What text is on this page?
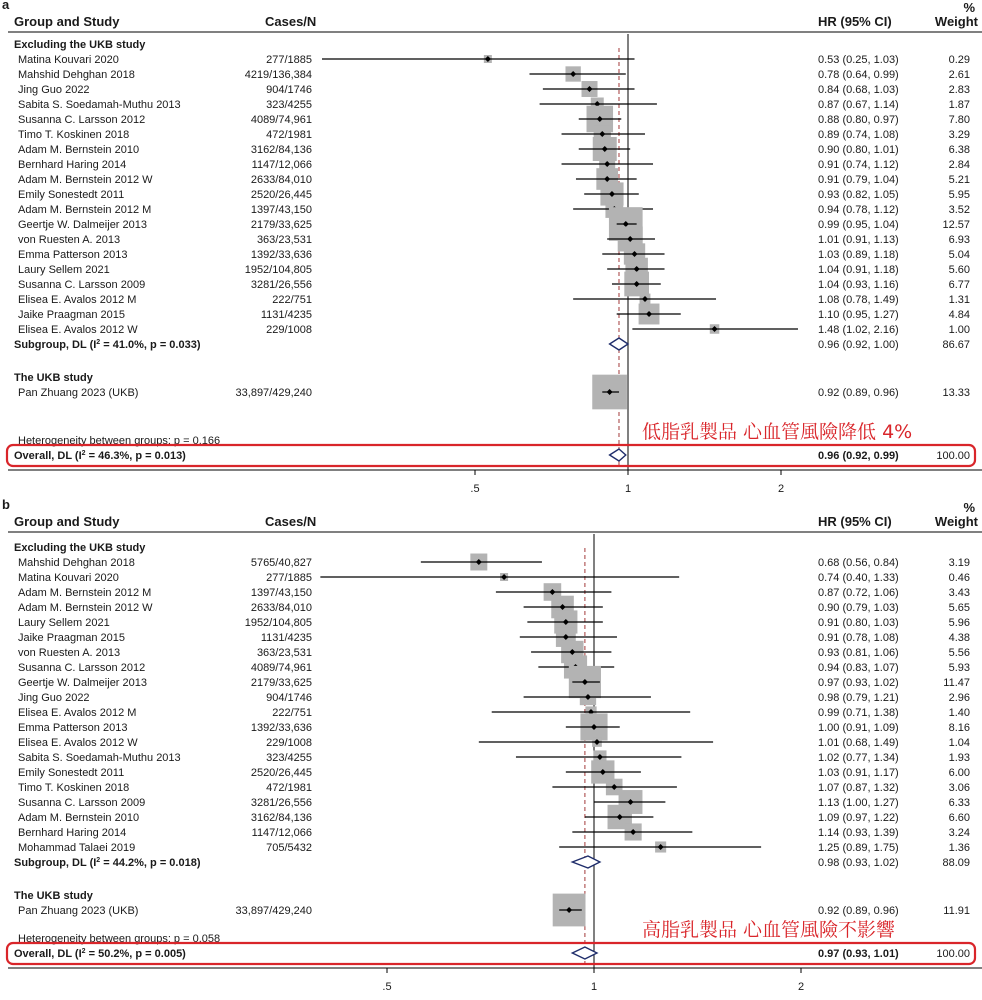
a
Group and Study	Cases/N	HR (95% CI)
%
Weight
.5	1	2
Excluding the UKB study
Matina Kouvari 2020	277/1885	0.53 (0.25, 1.03)	0.29
Mahshid Dehghan 2018	4219/136,384	0.78 (0.64, 0.99)	2.61
Jing Guo 2022	904/1746	0.84 (0.68, 1.03)	2.83
Sabita S. Soedamah-Muthu 2013	323/4255	0.87 (0.67, 1.14)	1.87
Susanna C. Larsson 2012	4089/74,961	0.88 (0.80, 0.97)	7.80
Timo T. Koskinen 2018	472/1981	0.89 (0.74, 1.08)	3.29
Adam M. Bernstein 2010	3162/84,136	0.90 (0.80, 1.01)	6.38
Bernhard Haring 2014	1147/12,066	0.91 (0.74, 1.12)	2.84
Adam M. Bernstein 2012 W	2633/84,010	0.91 (0.79, 1.04)	5.21
Emily Sonestedt 2011	2520/26,445	0.93 (0.82, 1.05)	5.95
Adam M. Bernstein 2012 M	1397/43,150	0.94 (0.78, 1.12)	3.52
Geertje W. Dalmeijer 2013	2179/33,625	0.99 (0.95, 1.04)	12.57
von Ruesten A. 2013	363/23,531	1.01 (0.91, 1.13)	6.93
Emma Patterson 2013	1392/33,636	1.03 (0.89, 1.18)	5.04
Laury Sellem 2021	1952/104,805	1.04 (0.91, 1.18)	5.60
Susanna C. Larsson 2009	3281/26,556	1.04 (0.93, 1.16)	6.77
Elisea E. Avalos 2012 M	222/751	1.08 (0.78, 1.49)	1.31
Jaike Praagman 2015	1131/4235	1.10 (0.95, 1.27)	4.84
Elisea E. Avalos 2012 W	229/1008	1.48 (1.02, 2.16)	1.00
Subgroup, DL ($I^2 = 41.0\%$, p = 0.033)	0.96 (0.92, 1.00)	86.67
The UKB study
Pan Zhuang 2023 (UKB)	33,897/429,240	0.92 (0.89, 0.96)	13.33
Heterogeneity between groups: p = 0.166
Overall, DL ($I^2 = 46.3\%$, p = 0.013)	0.96 (0.92, 0.99)	100.00
低脂乳製品 心血管風險降低 4%
b
Group and Study	Cases/N	HR (95% CI)
%
Weight
.5	1	2
Excluding the UKB study
Mahshid Dehghan 2018	5765/40,827	0.68 (0.56, 0.84)	3.19
Matina Kouvari 2020	277/1885	0.74 (0.40, 1.33)	0.46
Adam M. Bernstein 2012 M	1397/43,150	0.87 (0.72, 1.06)	3.43
Adam M. Bernstein 2012 W	2633/84,010	0.90 (0.79, 1.03)	5.65
Laury Sellem 2021	1952/104,805	0.91 (0.80, 1.03)	5.96
Jaike Praagman 2015	1131/4235	0.91 (0.78, 1.08)	4.38
von Ruesten A. 2013	363/23,531	0.93 (0.81, 1.06)	5.56
Susanna C. Larsson 2012	4089/74,961	0.94 (0.83, 1.07)	5.93
Geertje W. Dalmeijer 2013	2179/33,625	0.97 (0.93, 1.02)	11.47
Jing Guo 2022	904/1746	0.98 (0.79, 1.21)	2.96
Elisea E. Avalos 2012 M	222/751	0.99 (0.71, 1.38)	1.40
Emma Patterson 2013	1392/33,636	1.00 (0.91, 1.09)	8.16
Elisea E. Avalos 2012 W	229/1008	1.01 (0.68, 1.49)	1.04
Sabita S. Soedamah-Muthu 2013	323/4255	1.02 (0.77, 1.34)	1.93
Emily Sonestedt 2011	2520/26,445	1.03 (0.91, 1.17)	6.00
Timo T. Koskinen 2018	472/1981	1.07 (0.87, 1.32)	3.06
Susanna C. Larsson 2009	3281/26,556	1.13 (1.00, 1.27)	6.33
Adam M. Bernstein 2010	3162/84,136	1.09 (0.97, 1.22)	6.60
Bernhard Haring 2014	1147/12,066	1.14 (0.93, 1.39)	3.24
Mohammad Talaei 2019	705/5432	1.25 (0.89, 1.75)	1.36
Subgroup, DL ($I^2 = 44.2\%$, p = 0.018)	0.98 (0.93, 1.02)	88.09
The UKB study
Pan Zhuang 2023 (UKB)	33,897/429,240	0.92 (0.89, 0.96)	11.91
Heterogeneity between groups: p = 0.058
Overall, DL ($I^2 = 50.2\%$, p = 0.005)	0.97 (0.93, 1.01)	100.00
高脂乳製品 心血管風險不影響
